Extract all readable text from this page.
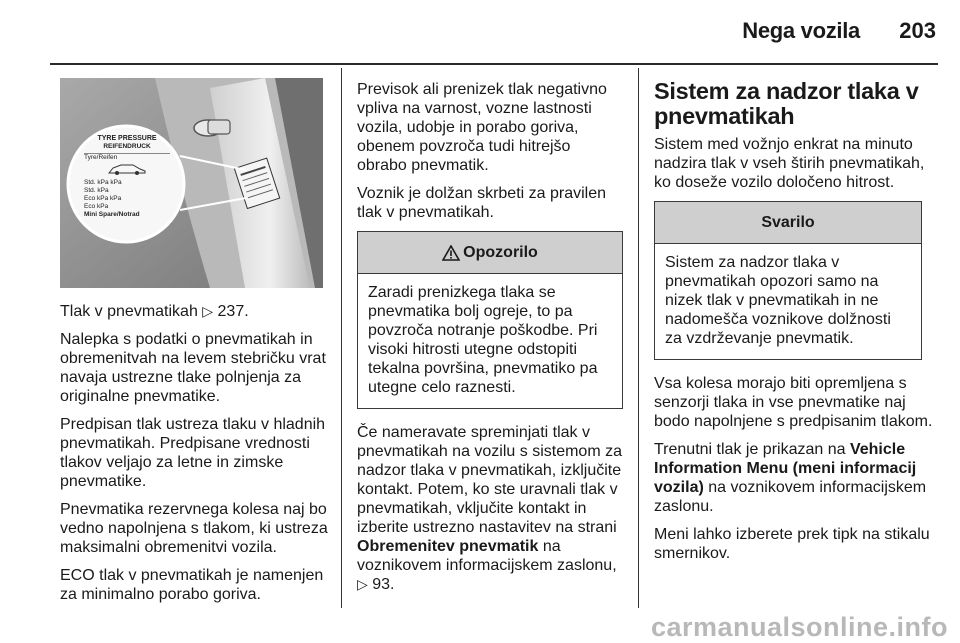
Nega vozila	203
TYRE PRESSURE
REIFENDRUCK
Tyre/Reifen
Std. kPa kPa
Std. kPa
Eco kPa kPa
Eco kPa
Mini Spare/Notrad

Tlak v pnevmatikah ▷ 237.

Nalepka s podatki o pnevmatikah in obremenitvah na levem stebričku vrat navaja ustrezne tlake polnjenja za originalne pnevmatike.

Predpisan tlak ustreza tlaku v hladnih pnevmatikah. Predpisane vrednosti tlakov veljajo za letne in zimske pnevmatike.

Pnevmatika rezervnega kolesa naj bo vedno napolnjena s tlakom, ki ustreza maksimalni obremenitvi vozila.

ECO tlak v pnevmatikah je namenjen za minimalno porabo goriva.

Previsok ali prenizek tlak negativno vpliva na varnost, vozne lastnosti vozila, udobje in porabo goriva, obenem povzroča tudi hitrejšo obrabo pnevmatik.

Voznik je dolžan skrbeti za pravilen tlak v pnevmatikah.

Opozorilo
Zaradi prenizkega tlaka se pnevmatika bolj ogreje, to pa povzroča notranje poškodbe. Pri visoki hitrosti utegne odstopiti tekalna površina, pnevmatiko pa utegne celo raznesti.

Če nameravate spreminjati tlak v pnevmatikah na vozilu s sistemom za nadzor tlaka v pnevmatikah, izključite kontakt. Potem, ko ste uravnali tlak v pnevmatikah, vključite kontakt in izberite ustrezno nastavitev na strani Obremenitev pnevmatik na voznikovem informacijskem zaslonu, ▷ 93.

Sistem za nadzor tlaka v pnevmatikah

Sistem med vožnjo enkrat na minuto nadzira tlak v vseh štirih pnevmatikah, ko doseže vozilo določeno hitrost.

Svarilo
Sistem za nadzor tlaka v pnevmatikah opozori samo na nizek tlak v pnevmatikah in ne nadomešča voznikove dolžnosti za vzdrževanje pnevmatik.

Vsa kolesa morajo biti opremljena s senzorji tlaka in vse pnevmatike naj bodo napolnjene s predpisanim tlakom.

Trenutni tlak je prikazan na Vehicle Information Menu (meni informacij vozila) na voznikovem informacijskem zaslonu.

Meni lahko izberete prek tipk na stikalu smernikov.

carmanualsonline.info
